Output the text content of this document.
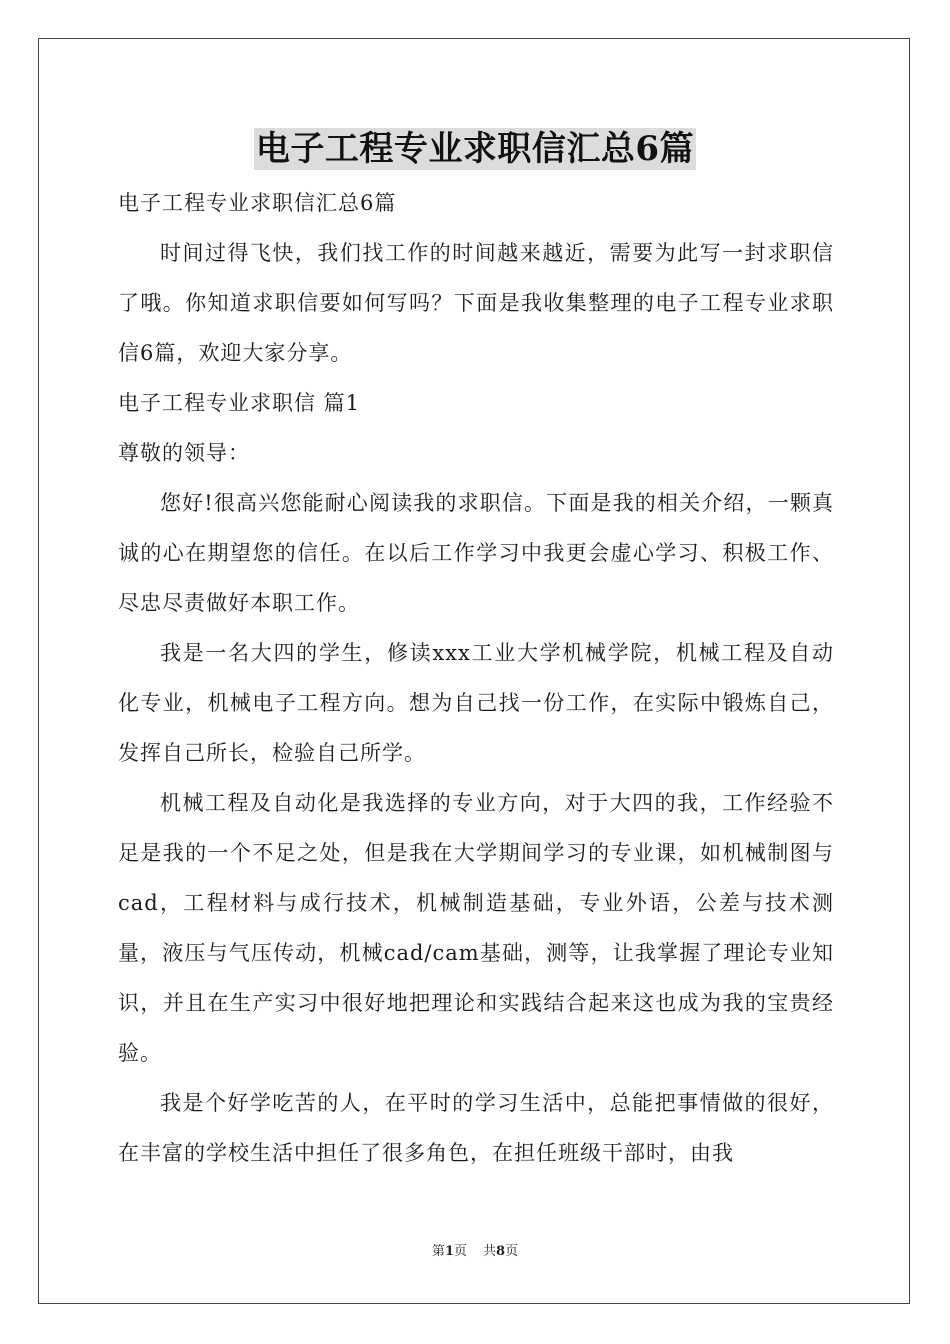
电子工程专业求职信汇总6篇

电子工程专业求职信汇总6篇

时间过得飞快，我们找工作的时间越来越近，需要为此写一封求职信了哦。你知道求职信要如何写吗？下面是我收集整理的电子工程专业求职信6篇，欢迎大家分享。

电子工程专业求职信 篇1

尊敬的领导：

您好!很高兴您能耐心阅读我的求职信。下面是我的相关介绍，一颗真诚的心在期望您的信任。在以后工作学习中我更会虚心学习、积极工作、尽忠尽责做好本职工作。

我是一名大四的学生，修读xxx工业大学机械学院，机械工程及自动化专业，机械电子工程方向。想为自己找一份工作，在实际中锻炼自己，发挥自己所长，检验自己所学。

机械工程及自动化是我选择的专业方向，对于大四的我，工作经验不足是我的一个不足之处，但是我在大学期间学习的专业课，如机械制图与cad，工程材料与成行技术，机械制造基础，专业外语，公差与技术测量，液压与气压传动，机械cad/cam基础，测等，让我掌握了理论专业知识，并且在生产实习中很好地把理论和实践结合起来这也成为我的宝贵经验。

我是个好学吃苦的人，在平时的学习生活中，总能把事情做的很好，在丰富的学校生活中担任了很多角色，在担任班级干部时，由我

第1页 共8页
